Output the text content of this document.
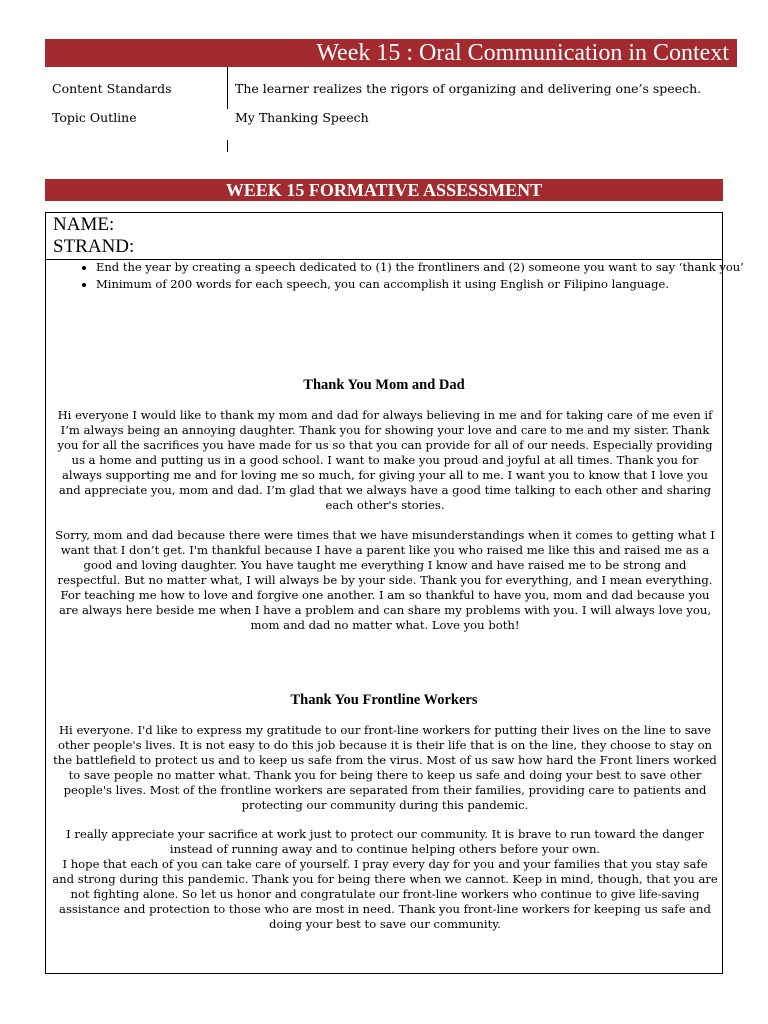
Week 15 : Oral Communication in Context
Content Standards	The learner realizes the rigors of organizing and delivering one’s speech.
Topic Outline	My Thanking Speech
WEEK 15 FORMATIVE ASSESSMENT
NAME:
STRAND:
• End the year by creating a speech dedicated to (1) the frontliners and (2) someone you want to say ‘thank you’
• Minimum of 200 words for each speech, you can accomplish it using English or Filipino language.
Thank You Mom and Dad

Hi everyone I would like to thank my mom and dad for always believing in me and for taking care of me even if I’m always being an annoying daughter. Thank you for showing your love and care to me and my sister. Thank you for all the sacrifices you have made for us so that you can provide for all of our needs. Especially providing us a home and putting us in a good school. I want to make you proud and joyful at all times. Thank you for always supporting me and for loving me so much, for giving your all to me. I want you to know that I love you and appreciate you, mom and dad. I’m glad that we always have a good time talking to each other and sharing each other's stories.

Sorry, mom and dad because there were times that we have misunderstandings when it comes to getting what I want that I don’t get. I'm thankful because I have a parent like you who raised me like this and raised me as a good and loving daughter. You have taught me everything I know and have raised me to be strong and respectful. But no matter what, I will always be by your side. Thank you for everything, and I mean everything. For teaching me how to love and forgive one another. I am so thankful to have you, mom and dad because you are always here beside me when I have a problem and can share my problems with you. I will always love you, mom and dad no matter what. Love you both!

Thank You Frontline Workers

Hi everyone. I'd like to express my gratitude to our front-line workers for putting their lives on the line to save other people's lives. It is not easy to do this job because it is their life that is on the line, they choose to stay on the battlefield to protect us and to keep us safe from the virus. Most of us saw how hard the Front liners worked to save people no matter what. Thank you for being there to keep us safe and doing your best to save other people's lives. Most of the frontline workers are separated from their families, providing care to patients and protecting our community during this pandemic.

I really appreciate your sacrifice at work just to protect our community. It is brave to run toward the danger instead of running away and to continue helping others before your own.

I hope that each of you can take care of yourself. I pray every day for you and your families that you stay safe and strong during this pandemic. Thank you for being there when we cannot. Keep in mind, though, that you are not fighting alone. So let us honor and congratulate our front-line workers who continue to give life-saving assistance and protection to those who are most in need. Thank you front-line workers for keeping us safe and doing your best to save our community.
